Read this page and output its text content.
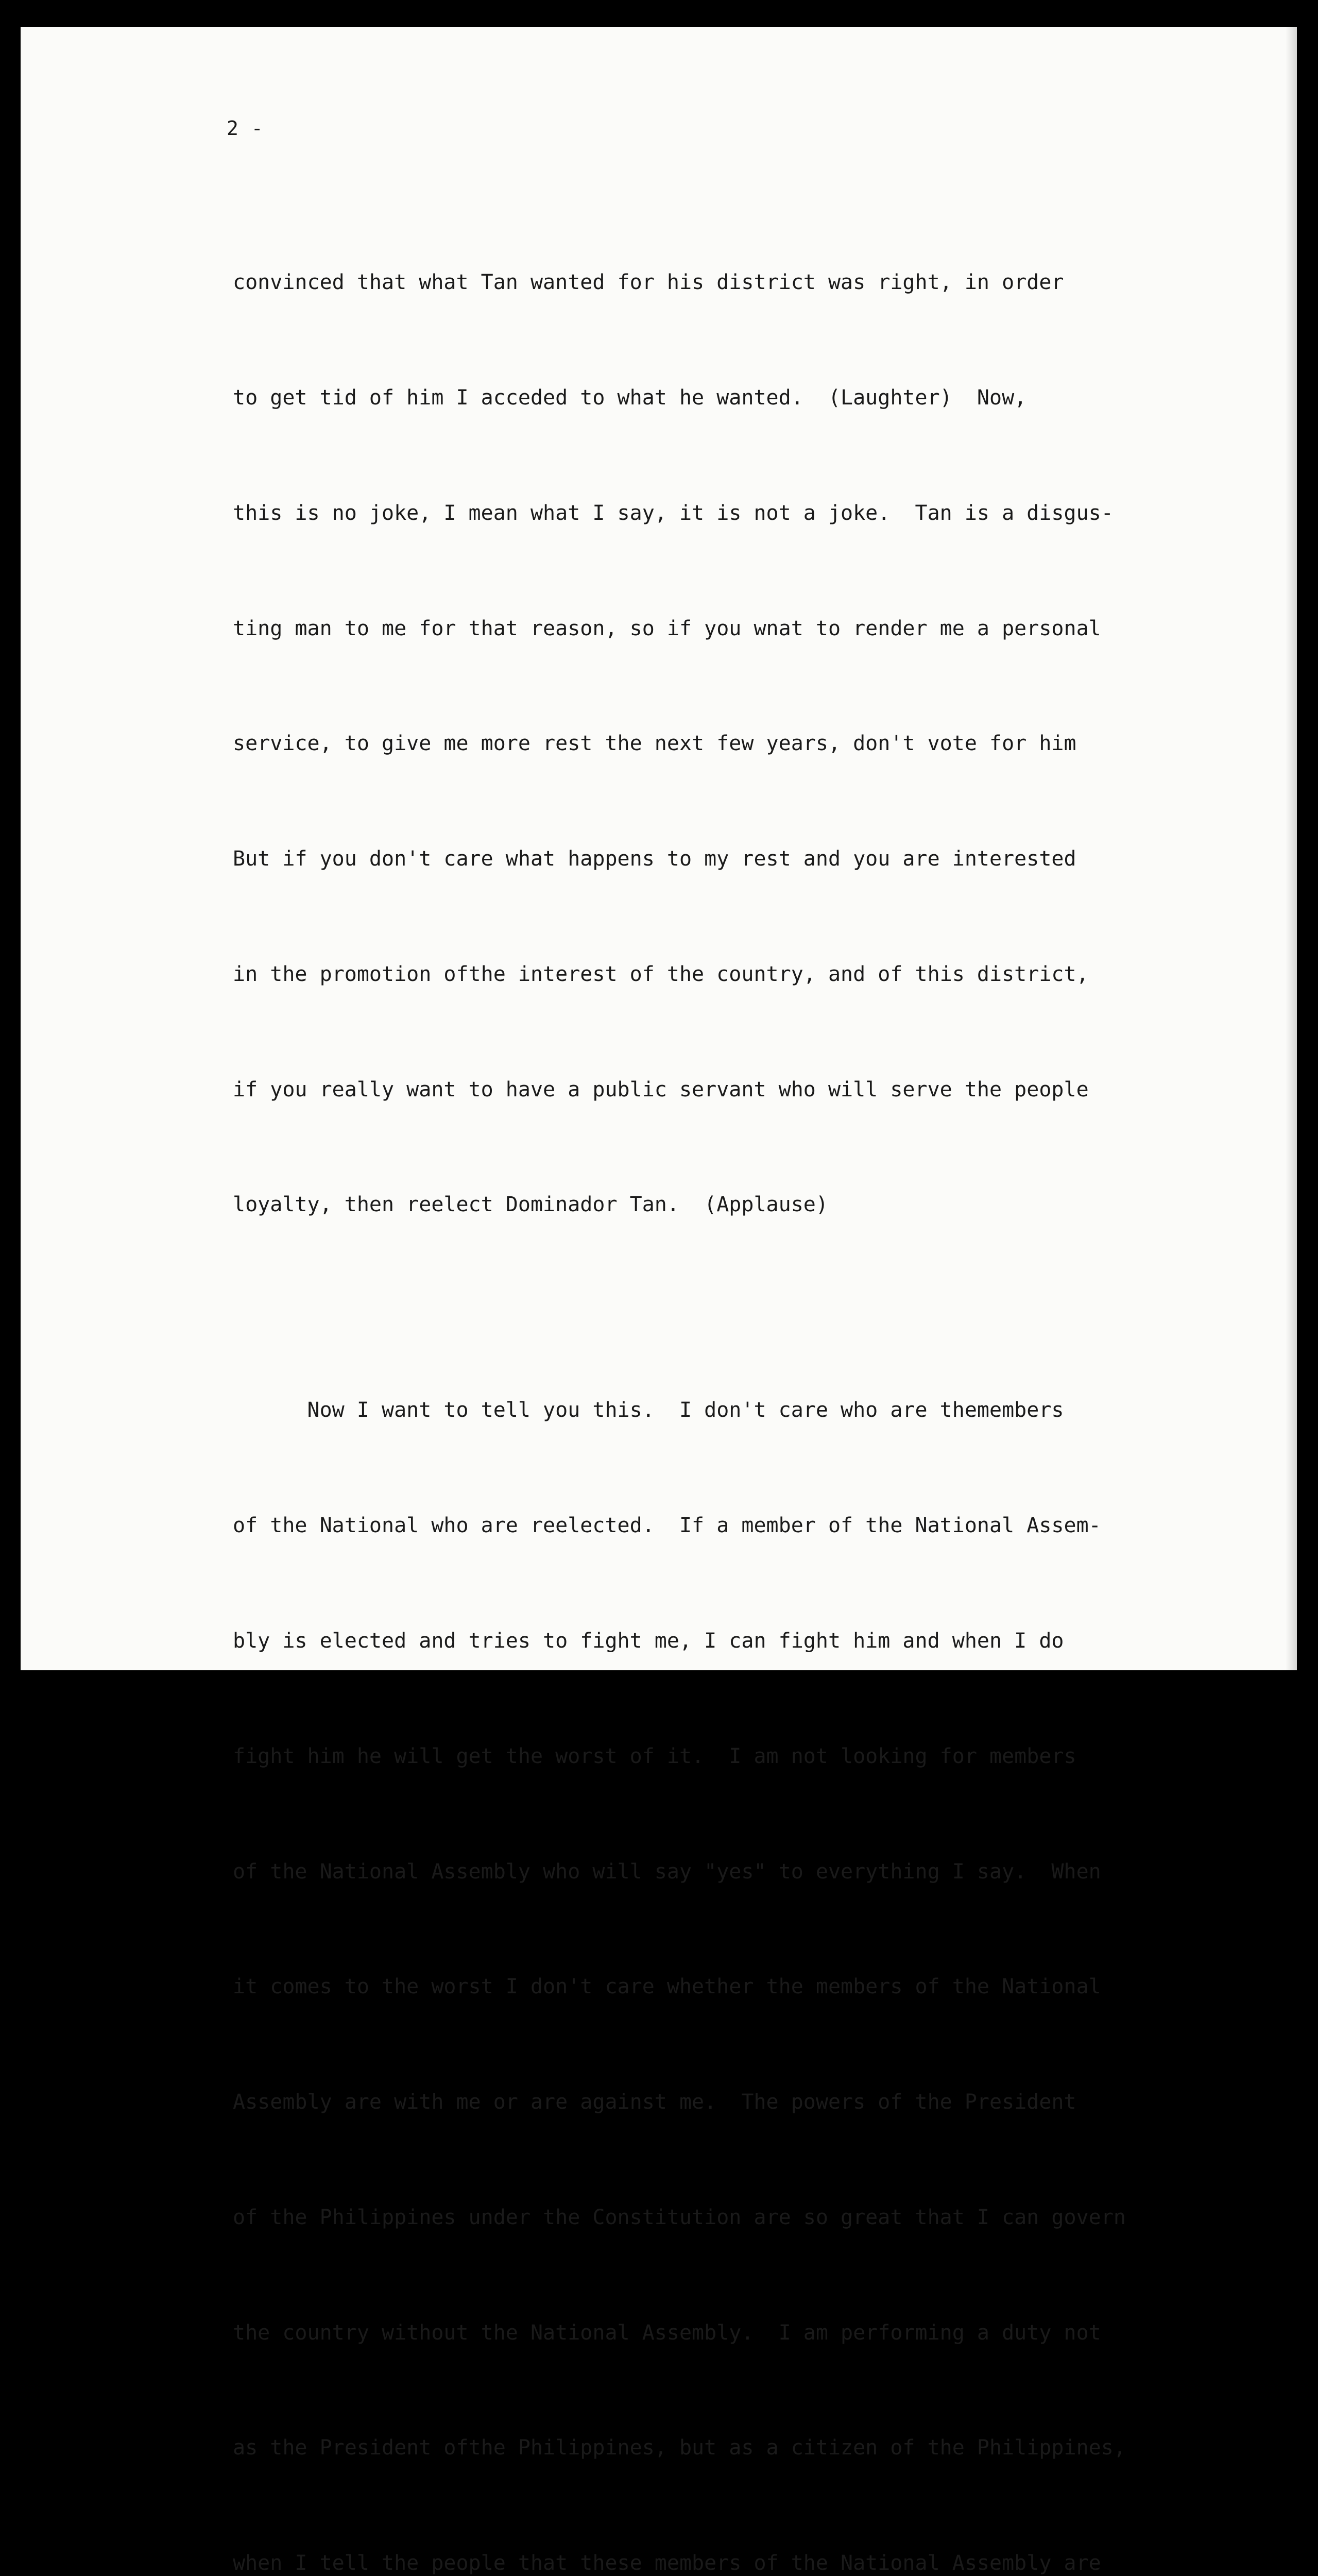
2 -

convinced that what Tan wanted for his district was right, in order

to get tid of him I acceded to what he wanted.  (Laughter)  Now,

this is no joke, I mean what I say, it is not a joke.  Tan is a disgus-

ting man to me for that reason, so if you wnat to render me a personal

service, to give me more rest the next few years, don't vote for him

But if you don't care what happens to my rest and you are interested

in the promotion ofthe interest of the country, and of this district,

if you really want to have a public servant who will serve the people

loyalty, then reelect Dominador Tan.  (Applause)

Now I want to tell you this.  I don't care who are themembers

of the National who are reelected.  If a member of the National Assem-

bly is elected and tries to fight me, I can fight him and when I do

fight him he will get the worst of it.  I am not looking for members

of the National Assembly who will say "yes" to everything I say.  When

it comes to the worst I don't care whether the members of the National

Assembly are with me or are against me.  The powers of the President

of the Philippines under the Constitution are so great that I can govern

the country without the National Assembly.  I am performing a duty not

as the President ofthe Philippines, but as a citizen of the Philippines,

when I tell the people that these members of the National Assembly are
